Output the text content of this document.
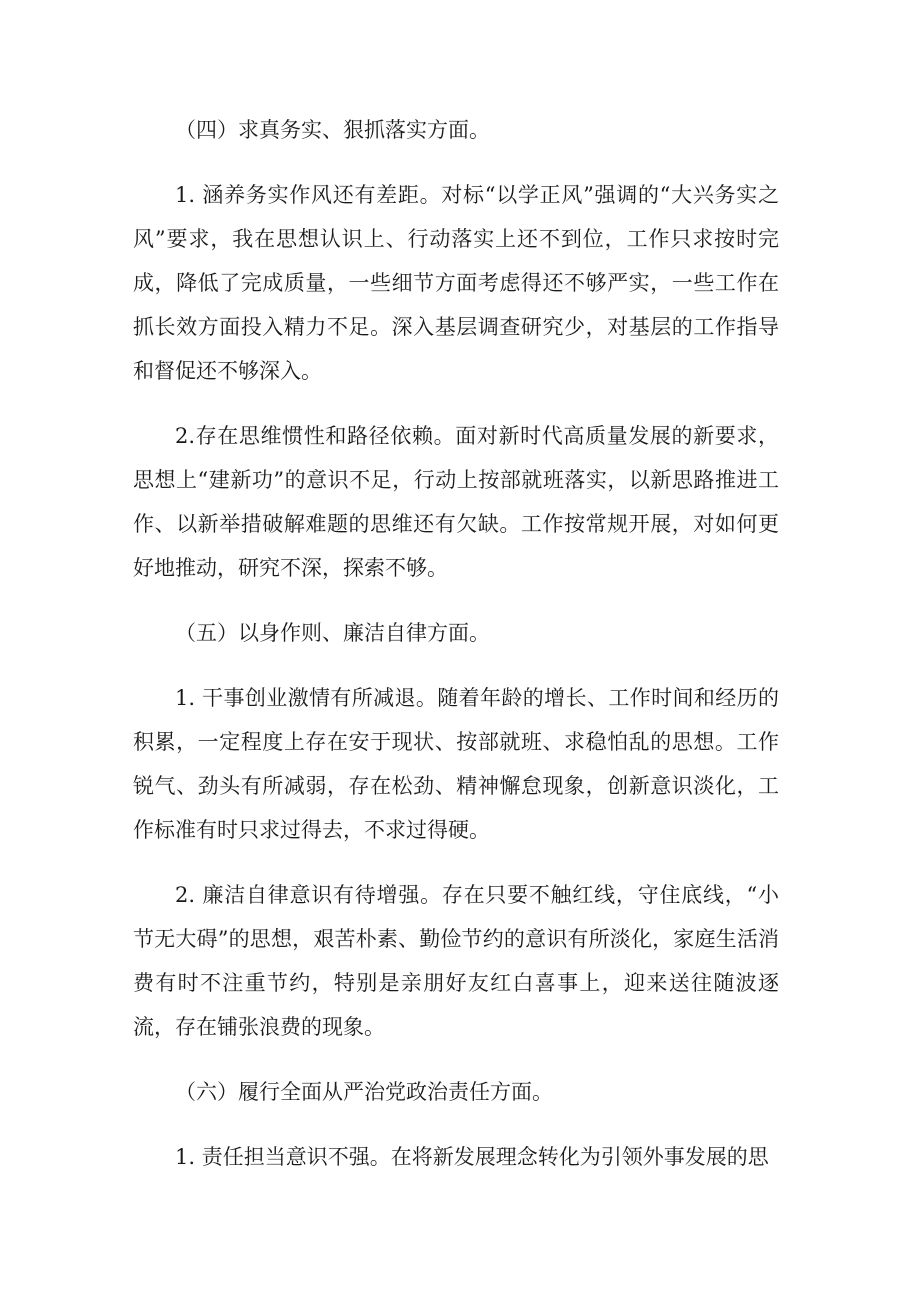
（四）求真务实、狠抓落实方面。

1. 涵养务实作风还有差距。对标“以学正风”强调的“大兴务实之风”要求，我在思想认识上、行动落实上还不到位，工作只求按时完成，降低了完成质量，一些细节方面考虑得还不够严实，一些工作在抓长效方面投入精力不足。深入基层调查研究少，对基层的工作指导和督促还不够深入。

2.存在思维惯性和路径依赖。面对新时代高质量发展的新要求，思想上“建新功”的意识不足，行动上按部就班落实，以新思路推进工作、以新举措破解难题的思维还有欠缺。工作按常规开展，对如何更好地推动，研究不深，探索不够。

（五）以身作则、廉洁自律方面。

1. 干事创业激情有所减退。随着年龄的增长、工作时间和经历的积累，一定程度上存在安于现状、按部就班、求稳怕乱的思想。工作锐气、劲头有所减弱，存在松劲、精神懈怠现象，创新意识淡化，工作标准有时只求过得去，不求过得硬。

2. 廉洁自律意识有待增强。存在只要不触红线，守住底线，“小节无大碍”的思想，艰苦朴素、勤俭节约的意识有所淡化，家庭生活消费有时不注重节约，特别是亲朋好友红白喜事上，迎来送往随波逐流，存在铺张浪费的现象。

（六）履行全面从严治党政治责任方面。

1. 责任担当意识不强。在将新发展理念转化为引领外事发展的思
